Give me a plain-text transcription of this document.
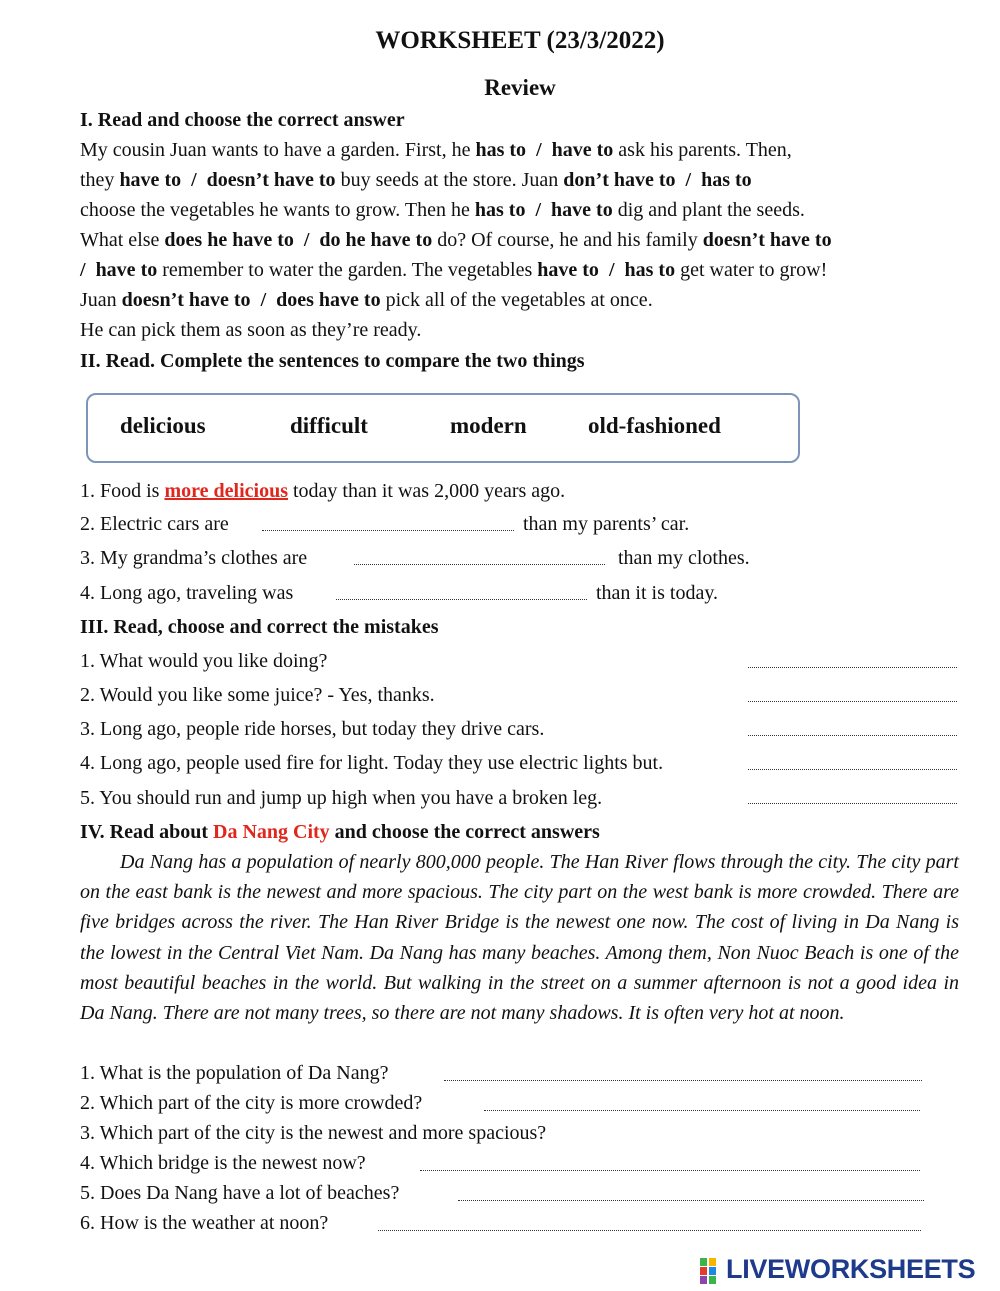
WORKSHEET (23/3/2022)
Review
I. Read and choose the correct answer
My cousin Juan wants to have a garden. First, he has to / have to ask his parents. Then,
they have to / doesn’t have to buy seeds at the store. Juan don’t have to / has to
choose the vegetables he wants to grow. Then he has to / have to dig and plant the seeds.
What else does he have to / do he have to do? Of course, he and his family doesn’t have to
/ have to remember to water the garden. The vegetables have to / has to get water to grow!
Juan doesn’t have to / does have to pick all of the vegetables at once.
He can pick them as soon as they’re ready.
II. Read. Complete the sentences to compare the two things
delicious	difficult	modern	old-fashioned
1. Food is more delicious today than it was 2,000 years ago.
2. Electric cars are	than my parents’ car.
3. My grandma’s clothes are	than my clothes.
4. Long ago, traveling was	than it is today.
III. Read, choose and correct the mistakes
1. What would you like doing?
2. Would you like some juice? - Yes, thanks.
3. Long ago, people ride horses, but today they drive cars.
4. Long ago, people used fire for light. Today they use electric lights but.
5. You should run and jump up high when you have a broken leg.
IV. Read about Da Nang City and choose the correct answers
Da Nang has a population of nearly 800,000 people. The Han River flows through the city. The city part on the east bank is the newest and more spacious. The city part on the west bank is more crowded. There are five bridges across the river. The Han River Bridge is the newest one now. The cost of living in Da Nang is the lowest in the Central Viet Nam. Da Nang has many beaches. Among them, Non Nuoc Beach is one of the most beautiful beaches in the world. But walking in the street on a summer afternoon is not a good idea in Da Nang. There are not many trees, so there are not many shadows. It is often very hot at noon.
1. What is the population of Da Nang?
2. Which part of the city is more crowded?
3. Which part of the city is the newest and more spacious?
4. Which bridge is the newest now?
5. Does Da Nang have a lot of beaches?
6. How is the weather at noon?
LIVEWORKSHEETS
